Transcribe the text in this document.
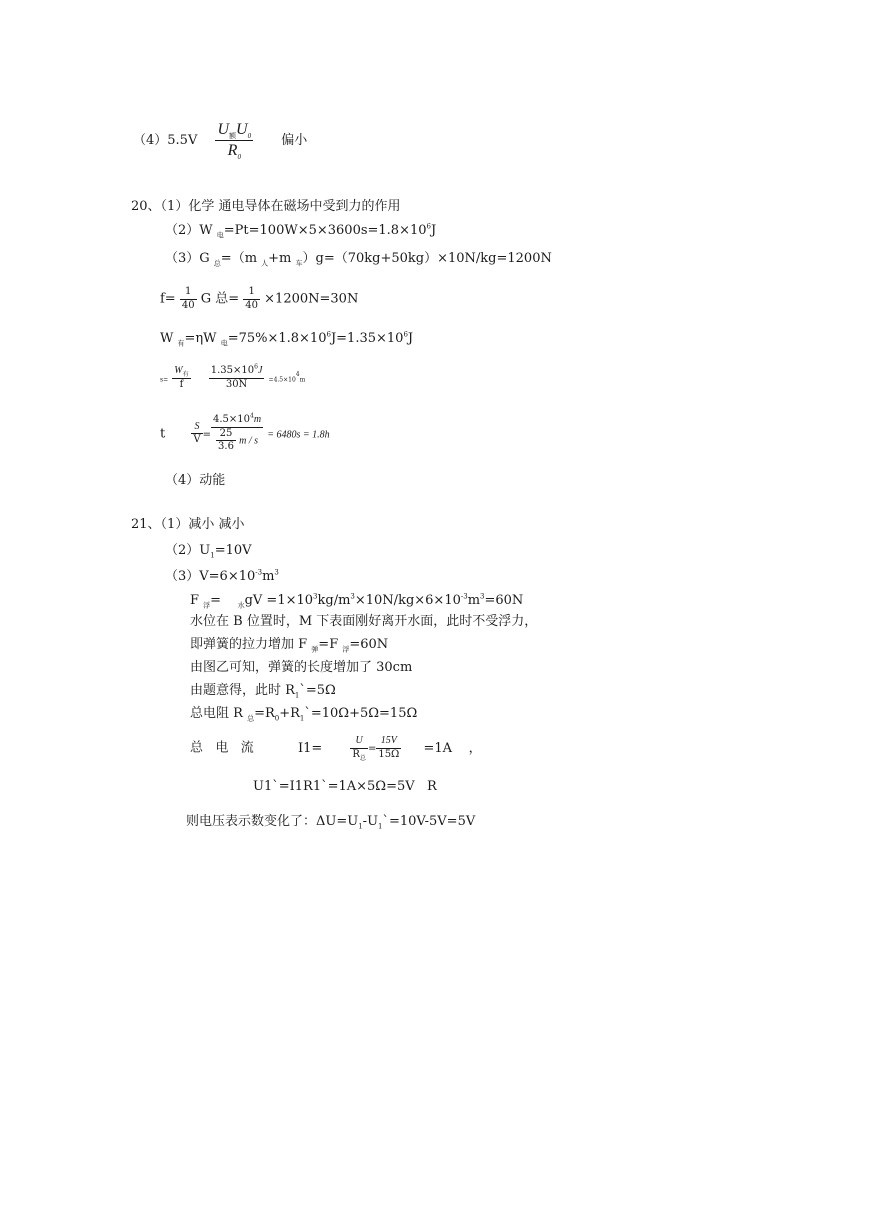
$(4)5.5V \frac{U_额U_0}{R_0}$ 偏小
20、（1）化学 通电导体在磁场中受到力的作用
（2）W $_电=Pt=100W\times 5\times 3600s=1.8\times 10^6J$
（3）G $_总$=（m $_人$+m $_车$）g=（70kg+50kg）×10N/kg=1200N
$f= \frac{1}{40}$ G 总= $\frac{1}{40} \times 1200N=30N$
W $_有$=ηW $_电=75\%\times 1.8\times 10^6J=1.35\times 10^6J$
$s= \frac{W_有}{f}$
$\frac{1.35\times 10^6J}{30N} =4.5\times 10^4m$
t	$\frac{S}{V} = \frac{4.5\times 10^4m}{\frac{25}{3.6} m / s} = 6480s = 1.8h$
（4）动能
21、（1）减小 减小
$(2)U_1=10V$
$(3)V=6\times 10^{-3}m^3$
F $_浮$=    $_水gV =1\times 10^3kg/m^3\times 10N/kg\times 6\times 10^{-3}m^3=60N$
水位在 B 位置时，M 下表面刚好离开水面，此时不受浮力，
即弹簧的拉力增加 F $_弹$=F $_浮$=60N
由图乙可知，弹簧的长度增加了 30cm
由题意得，此时 $R_1`=5\Omega$
总电阻 R $_总=R_0+R_1`=10\Omega+5\Omega=15\Omega$
总   电   流	I1=	$\frac{U}{R_总} = \frac{15V}{15\Omega} =1A$    ，
U1`=I1R1`=1A×5Ω=5V   R
则电压表示数变化了：$\Delta U=U_1-U_1`=10V-5V=5V$
